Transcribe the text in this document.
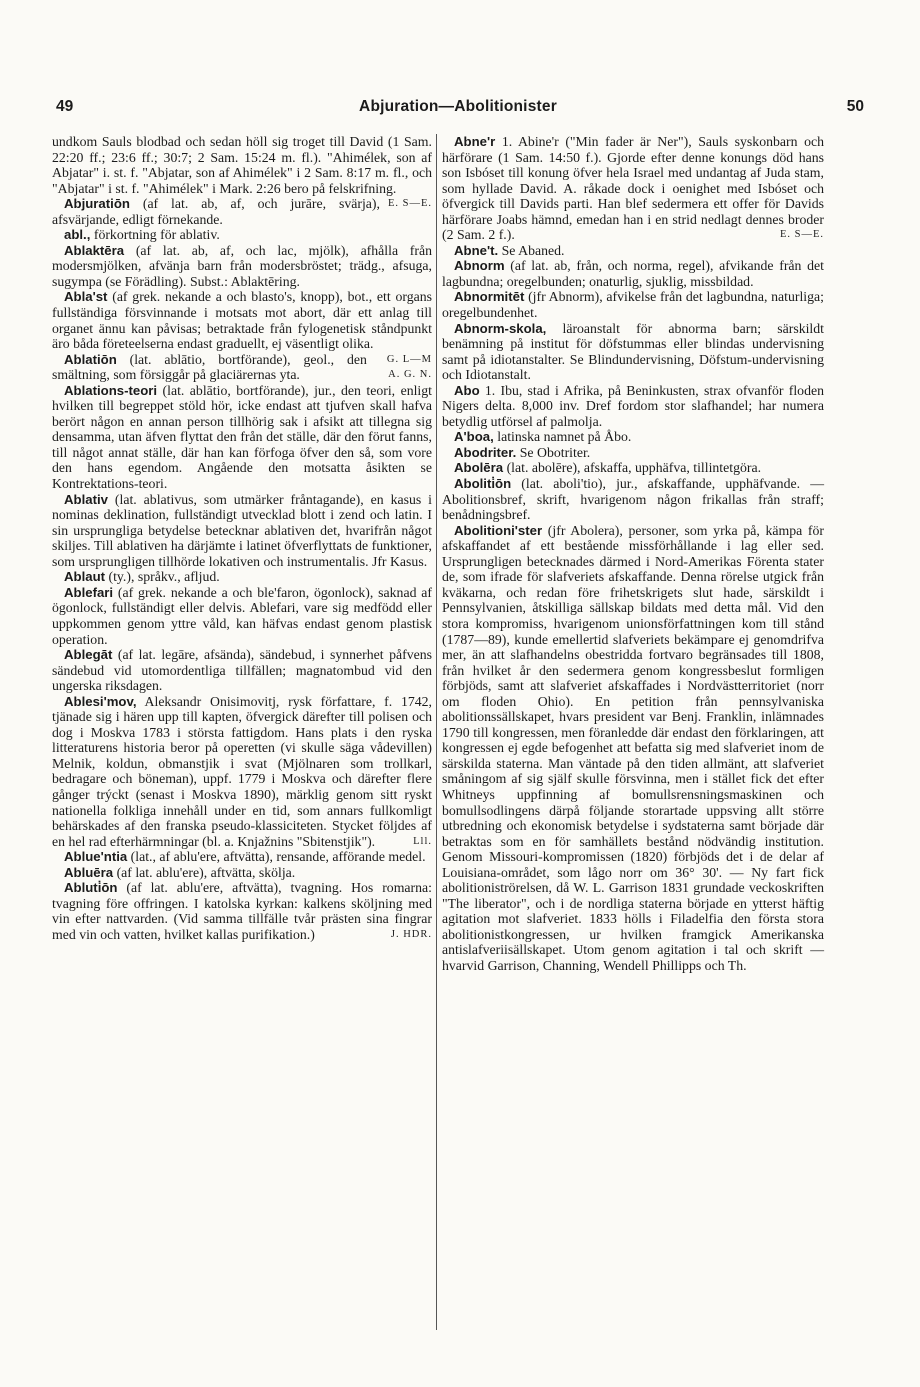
49	Abjuration—Abolitionister	50

undkom Sauls blodbad och sedan höll sig troget till David (1 Sam. 22:20 ff.; 23:6 ff.; 30:7; 2 Sam. 15:24 m. fl.). "Ahimélek, son af Abjatar" i. st. f. "Abjatar, son af Ahimélek" i 2 Sam. 8:17 m. fl., och "Abjatar" i st. f. "Ahimélek" i Mark. 2:26 bero på felskrifning.
E. S—E.

Abjuratiōn (af lat. ab, af, och jurāre, svärja), afsvärjande, edligt förnekande.

abl., förkortning för ablativ.

Ablaktēra (af lat. ab, af, och lac, mjölk), afhålla från modersmjölken, afvänja barn från modersbröstet; trädg., afsuga, sugympa (se Förädling). Subst.: Ablaktēring.

Abla'st (af grek. nekande a och blasto's, knopp), bot., ett organs fullständiga försvinnande i motsats mot abort, där ett anlag till organet ännu kan påvisas; betraktade från fylogenetisk ståndpunkt äro båda företeelserna endast graduellt, ej väsentligt olika.
G. L—M

Ablatiōn (lat. ablātio, bortförande), geol., den smältning, som försiggår på glaciärernas yta.	A. G. N.

Ablations-teori (lat. ablātio, bortförande), jur., den teori, enligt hvilken till begreppet stöld hör, icke endast att tjufven skall hafva berört någon en annan person tillhörig sak i afsikt att tillegna sig densamma, utan äfven flyttat den från det ställe, där den förut fanns, till något annat ställe, där han kan förfoga öfver den så, som vore den hans egendom. Angående den motsatta åsikten se Kontrektations-teori.

Ablativ (lat. ablativus, som utmärker fråntagande), en kasus i nominas deklination, fullständigt utvecklad blott i zend och latin. I sin ursprungliga betydelse betecknar ablativen det, hvarifrån något skiljes. Till ablativen ha därjämte i latinet öfverflyttats de funktioner, som ursprungligen tillhörde lokativen och instrumentalis. Jfr Kasus.

Ablaut (ty.), språkv., afljud.

Ablefari (af grek. nekande a och ble'faron, ögonlock), saknad af ögonlock, fullständigt eller delvis. Ablefari, vare sig medfödd eller uppkommen genom yttre våld, kan häfvas endast genom plastisk operation.

Ablegāt (af lat. legāre, afsända), sändebud, i synnerhet påfvens sändebud vid utomordentliga tillfällen; magnatombud vid den ungerska riksdagen.

Ablesi'mov, Aleksandr Onisimovitj, rysk författare, f. 1742, tjänade sig i hären upp till kapten, öfvergick därefter till polisen och dog i Moskva 1783 i största fattigdom. Hans plats i den ryska litteraturens historia beror på operetten (vi skulle säga vådevillen) Melnik, koldun, obmanstjik i svat (Mjölnaren som trollkarl, bedragare och böneman), uppf. 1779 i Moskva och därefter flere gånger trýckt (senast i Moskva 1890), märklig genom sitt ryskt nationella folkliga innehåll under en tid, som annars fullkomligt behärskades af den franska pseudo-klassiciteten. Stycket följdes af en hel rad efterhärmningar (bl. a. Knjažnins "Sbitenstjik").	Lll.

Ablue'ntia (lat., af ablu'ere, aftvätta), rensande, afförande medel.

Abluēra (af lat. ablu'ere), aftvätta, skölja.

Abluti̇ōn (af lat. ablu'ere, aftvätta), tvagning. Hos romarna: tvagning före offringen. I katolska kyrkan: kalkens sköljning med vin efter nattvarden. (Vid samma tillfälle tvår prästen sina fingrar med vin och vatten, hvilket kallas purifikation.)	J. HDR.

Abne'r 1. Abine'r ("Min fader är Ner"), Sauls syskonbarn och härförare (1 Sam. 14:50 f.). Gjorde efter denne konungs död hans son Isbóset till konung öfver hela Israel med undantag af Juda stam, som hyllade David. A. råkade dock i oenighet med Isbóset och öfvergick till Davids parti. Han blef sedermera ett offer för Davids härförare Joabs hämnd, emedan han i en strid nedlagt dennes broder (2 Sam. 2 f.).	E. S—E.

Abne't. Se Abaned.

Abnorm (af lat. ab, från, och norma, regel), afvikande från det lagbundna; oregelbunden; onaturlig, sjuklig, missbildad.

Abnormitēt (jfr Abnorm), afvikelse från det lagbundna, naturliga; oregelbundenhet.

Abnorm-skola, läroanstalt för abnorma barn; särskildt benämning på institut för döfstummas eller blindas undervisning samt på idiotanstalter. Se Blindundervisning, Döfstum-undervisning och Idiotanstalt.

Abo 1. Ibu, stad i Afrika, på Beninkusten, strax ofvanför floden Nigers delta. 8,000 inv. Dref fordom stor slafhandel; har numera betydlig utförsel af palmolja.

A'boa, latinska namnet på Åbo.

Abodriter. Se Obotriter.

Abolēra (lat. abolēre), afskaffa, upphäfva, tillintetgöra.

Aboliti̇ōn (lat. aboli'tio), jur., afskaffande, upphäfvande. — Abolitionsbref, skrift, hvarigenom någon frikallas från straff; benådningsbref.

Abolitioni'ster (jfr Abolera), personer, som yrka på, kämpa för afskaffandet af ett bestående missförhållande i lag eller sed. Ursprungligen betecknades därmed i Nord-Amerikas Förenta stater de, som ifrade för slafveriets afskaffande. Denna rörelse utgick från kväkarna, och redan före frihetskrigets slut hade, särskildt i Pennsylvanien, åtskilliga sällskap bildats med detta mål. Vid den stora kompromiss, hvarigenom unionsförfattningen kom till stånd (1787—89), kunde emellertid slafveriets bekämpare ej genomdrifva mer, än att slafhandelns obestridda fortvaro begränsades till 1808, från hvilket år den sedermera genom kongressbeslut formligen förbjöds, samt att slafveriet afskaffades i Nordvästterritoriet (norr om floden Ohio). En petition från pennsylvaniska abolitionssällskapet, hvars president var Benj. Franklin, inlämnades 1790 till kongressen, men föranledde där endast den förklaringen, att kongressen ej egde befogenhet att befatta sig med slafveriet inom de särskilda staterna. Man väntade på den tiden allmänt, att slafveriet småningom af sig själf skulle försvinna, men i stället fick det efter Whitneys uppfinning af bomullsrensningsmaskinen och bomullsodlingens därpå följande storartade uppsving allt större utbredning och ekonomisk betydelse i sydstaterna samt började där betraktas som en för samhällets bestånd nödvändig institution. Genom Missouri-kompromissen (1820) förbjöds det i de delar af Louisiana-området, som lågo norr om 36° 30'. — Ny fart fick abolitioniströrelsen, då W. L. Garrison 1831 grundade veckoskriften "The liberator", och i de nordliga staterna började en ytterst häftig agitation mot slafveriet. 1833 hölls i Filadelfia den första stora abolitionistkongressen, ur hvilken framgick Amerikanska antislafveriisällskapet. Utom genom agitation i tal och skrift — hvarvid Garrison, Channing, Wendell Phillipps och Th.
